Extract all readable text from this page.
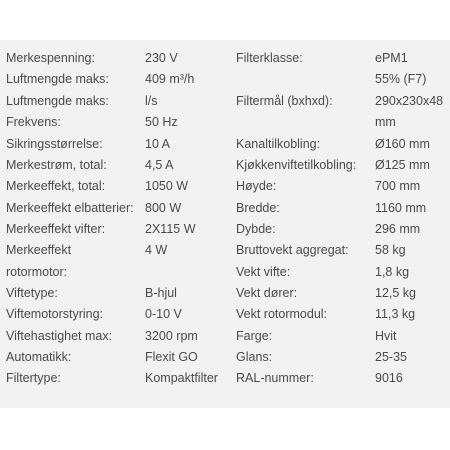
Merkespenning:	230 V	Filterklasse:	ePM1
Luftmengde maks:	409 m³/h	55% (F7)
Luftmengde maks:	l/s	Filtermål (bxhxd):	290x230x48
Frekvens:	50 Hz	mm
Sikringsstørrelse:	10 A	Kanaltilkobling:	Ø160 mm
Merkestrøm, total:	4,5 A	Kjøkkenviftetilkobling: Ø125 mm
Merkeeffekt, total:	1050 W	Høyde:	700 mm
Merkeeffekt elbatterier: 800 W	Bredde:	1160 mm
Merkeeffekt vifter:	2X115 W	Dybde:	296 mm
Merkeeffekt	4 W	Bruttovekt aggregat: 58 kg
rotormotor:	Vekt vifte:	1,8 kg
Viftetype:	B-hjul	Vekt dører:	12,5 kg
Viftemotorstyring:	0-10 V	Vekt rotormodul:	11,3 kg
Viftehastighet max:	3200 rpm	Farge:	Hvit
Automatikk:	Flexit GO	Glans:	25-35
Filtertype:	Kompaktfilter RAL-nummer:	9016
